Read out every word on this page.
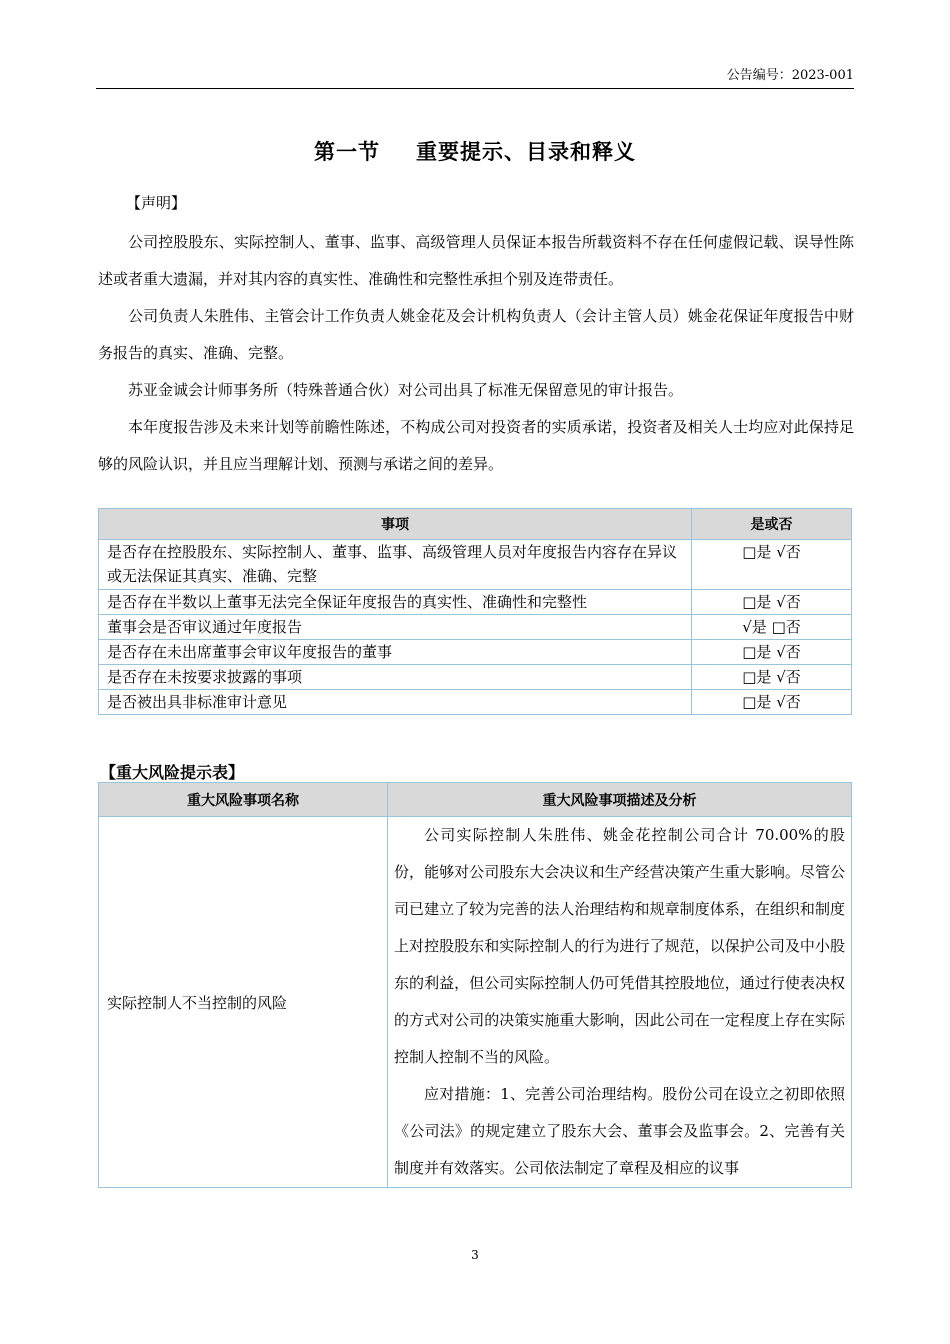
公告编号：2023-001
第一节 重要提示、目录和释义
【声明】

公司控股股东、实际控制人、董事、监事、高级管理人员保证本报告所载资料不存在任何虚假记载、误导性陈述或者重大遗漏，并对其内容的真实性、准确性和完整性承担个别及连带责任。

公司负责人朱胜伟、主管会计工作负责人姚金花及会计机构负责人（会计主管人员）姚金花保证年度报告中财务报告的真实、准确、完整。

苏亚金诚会计师事务所（特殊普通合伙）对公司出具了标准无保留意见的审计报告。

本年度报告涉及未来计划等前瞻性陈述，不构成公司对投资者的实质承诺，投资者及相关人士均应对此保持足够的风险认识，并且应当理解计划、预测与承诺之间的差异。

事项	是或否
是否存在控股股东、实际控制人、董事、监事、高级管理人员对年度报告内容存在异议或无法保证其真实、准确、完整	□是 √否
是否存在半数以上董事无法完全保证年度报告的真实性、准确性和完整性	□是 √否
董事会是否审议通过年度报告	√是 □否
是否存在未出席董事会审议年度报告的董事	□是 √否
是否存在未按要求披露的事项	□是 √否
是否被出具非标准审计意见	□是 √否
【重大风险提示表】
重大风险事项名称	重大风险事项描述及分析
实际控制人不当控制的风险	公司实际控制人朱胜伟、姚金花控制公司合计 70.00%的股份，能够对公司股东大会决议和生产经营决策产生重大影响。尽管公司已建立了较为完善的法人治理结构和规章制度体系，在组织和制度上对控股股东和实际控制人的行为进行了规范，以保护公司及中小股东的利益，但公司实际控制人仍可凭借其控股地位，通过行使表决权的方式对公司的决策实施重大影响，因此公司在一定程度上存在实际控制人控制不当的风险。

应对措施：1、完善公司治理结构。股份公司在设立之初即依照《公司法》的规定建立了股东大会、董事会及监事会。2、完善有关制度并有效落实。公司依法制定了章程及相应的议事

3
